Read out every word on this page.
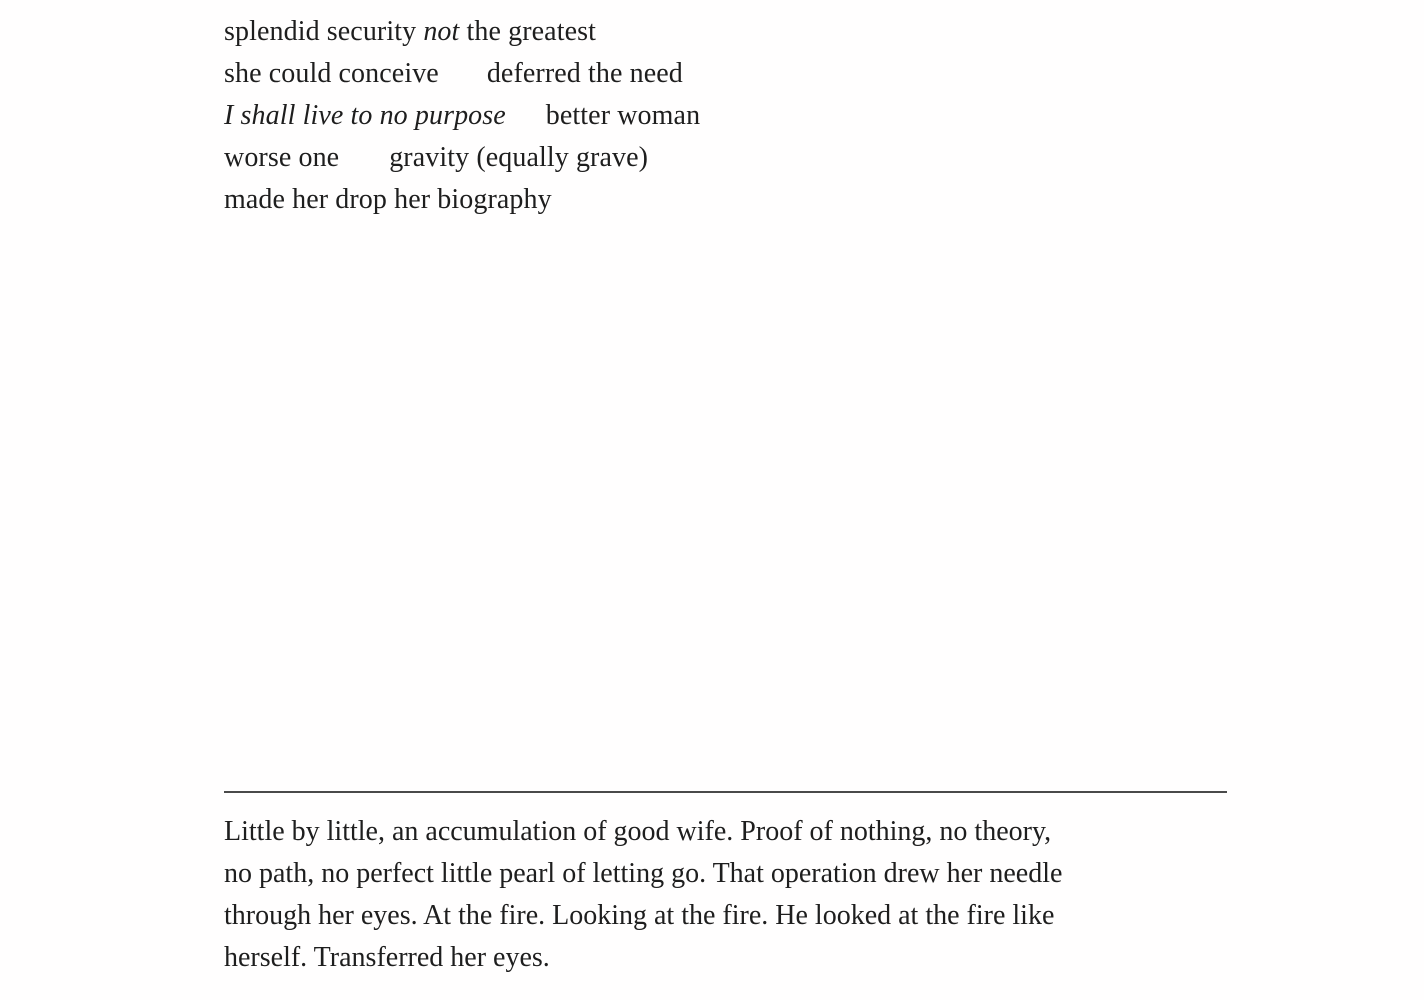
splendid security not the greatest
she could conceive deferred the need
I shall live to no purpose better woman
worse one gravity (equally grave)
made her drop her biography

Little by little, an accumulation of good wife. Proof of nothing, no theory,
no path, no perfect little pearl of letting go. That operation drew her needle
through her eyes. At the fire. Looking at the fire. He looked at the fire like
herself. Transferred her eyes.
